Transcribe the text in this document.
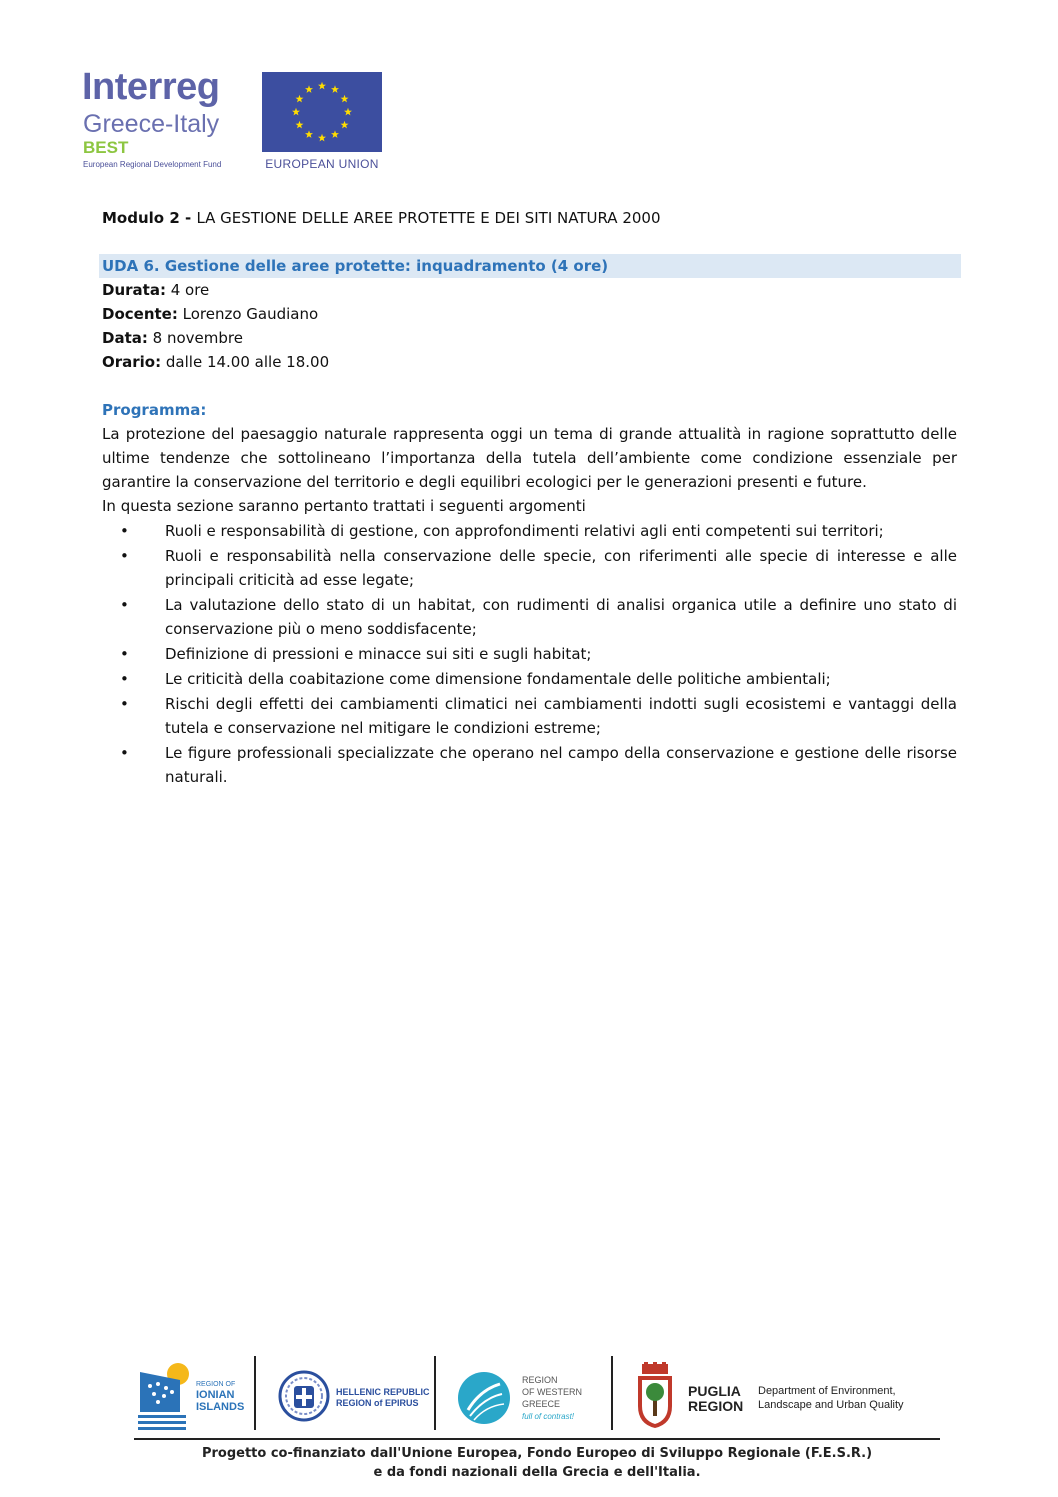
Interreg
Greece-Italy
BEST
European Regional Development Fund	EUROPEAN UNION
Modulo 2 - LA GESTIONE DELLE AREE PROTETTE E DEI SITI NATURA 2000
UDA 6. Gestione delle aree protette: inquadramento (4 ore)
Durata: 4 ore
Docente: Lorenzo Gaudiano
Data: 8 novembre
Orario: dalle 14.00 alle 18.00
Programma:
La protezione del paesaggio naturale rappresenta oggi un tema di grande attualità in ragione soprattutto delle ultime tendenze che sottolineano l’importanza della tutela dell’ambiente come condizione essenziale per garantire la conservazione del territorio e degli equilibri ecologici per le generazioni presenti e future.
In questa sezione saranno pertanto trattati i seguenti argomenti
•	Ruoli e responsabilità di gestione, con approfondimenti relativi agli enti competenti sui territori;
•	Ruoli e responsabilità nella conservazione delle specie, con riferimenti alle specie di interesse e alle principali criticità ad esse legate;
•	La valutazione dello stato di un habitat, con rudimenti di analisi organica utile a definire uno stato di conservazione più o meno soddisfacente;
•	Definizione di pressioni e minacce sui siti e sugli habitat;
•	Le criticità della coabitazione come dimensione fondamentale delle politiche ambientali;
•	Rischi degli effetti dei cambiamenti climatici nei cambiamenti indotti sugli ecosistemi e vantaggi della tutela e conservazione nel mitigare le condizioni estreme;
•	Le figure professionali specializzate che operano nel campo della conservazione e gestione delle risorse naturali.
REGION OF
IONIAN
ISLANDS
HELLENIC REPUBLIC
REGION of EPIRUS
REGION
OF WESTERN
GREECE
full of contrast!
PUGLIA
REGION
Department of Environment,
Landscape and Urban Quality
Progetto co-finanziato dall'Unione Europea, Fondo Europeo di Sviluppo Regionale (F.E.S.R.)
e da fondi nazionali della Grecia e dell'Italia.
